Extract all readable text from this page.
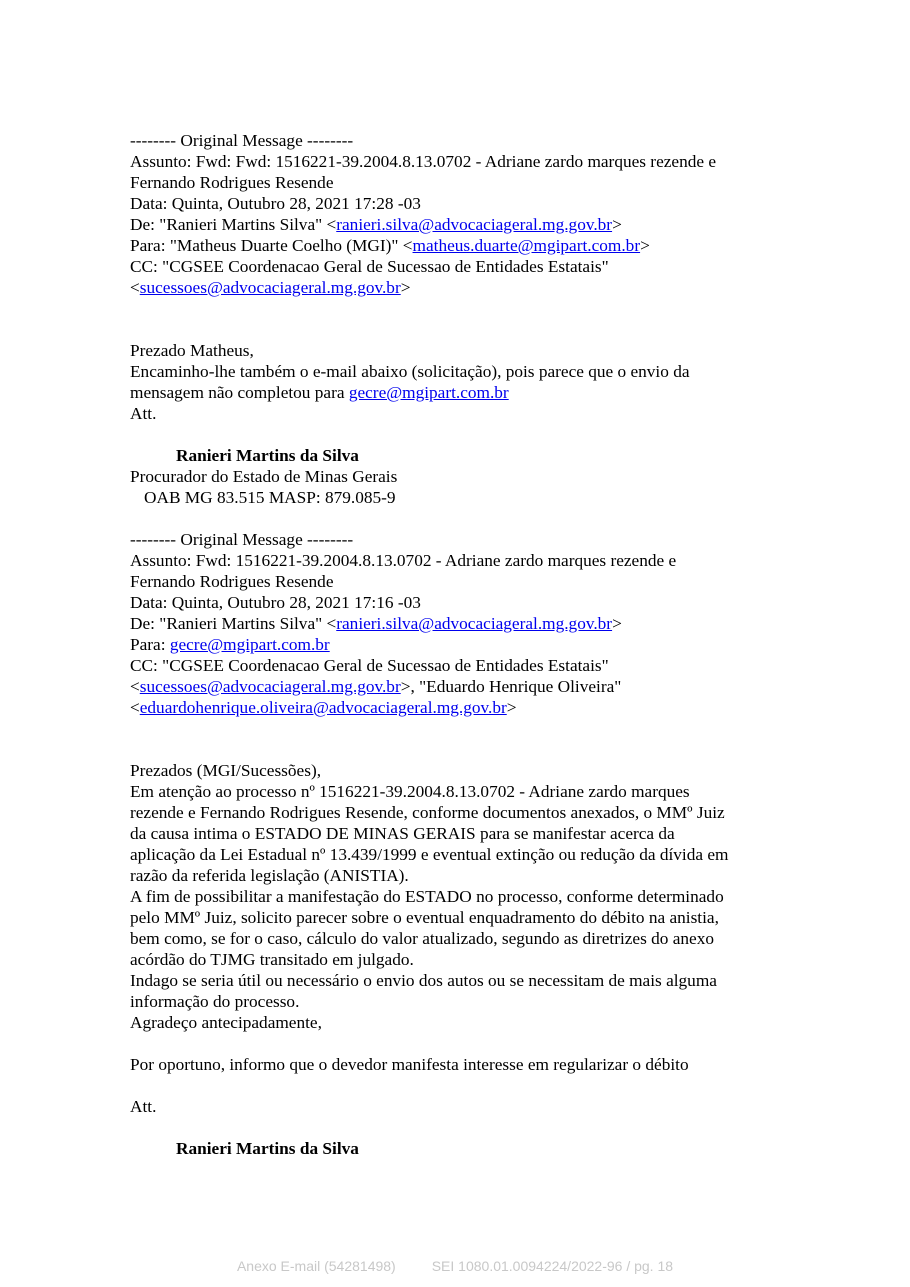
-------- Original Message --------
Assunto: Fwd: Fwd: 1516221-39.2004.8.13.0702 - Adriane zardo marques rezende e
Fernando Rodrigues Resende
Data: Quinta, Outubro 28, 2021 17:28 -03
De: "Ranieri Martins Silva" <ranieri.silva@advocaciageral.mg.gov.br>
Para: "Matheus Duarte Coelho (MGI)" <matheus.duarte@mgipart.com.br>
CC: "CGSEE Coordenacao Geral de Sucessao de Entidades Estatais"
<sucessoes@advocaciageral.mg.gov.br>
Prezado Matheus,
Encaminho-lhe também o e-mail abaixo (solicitação), pois parece que o envio da
mensagem não completou para gecre@mgipart.com.br
Att.
Ranieri Martins da Silva
Procurador do Estado de Minas Gerais
OAB MG 83.515 MASP: 879.085-9
-------- Original Message --------
Assunto: Fwd: 1516221-39.2004.8.13.0702 - Adriane zardo marques rezende e
Fernando Rodrigues Resende
Data: Quinta, Outubro 28, 2021 17:16 -03
De: "Ranieri Martins Silva" <ranieri.silva@advocaciageral.mg.gov.br>
Para: gecre@mgipart.com.br
CC: "CGSEE Coordenacao Geral de Sucessao de Entidades Estatais"
<sucessoes@advocaciageral.mg.gov.br>, "Eduardo Henrique Oliveira"
<eduardohenrique.oliveira@advocaciageral.mg.gov.br>
Prezados (MGI/Sucessões),
Em atenção ao processo nº 1516221-39.2004.8.13.0702 - Adriane zardo marques
rezende e Fernando Rodrigues Resende, conforme documentos anexados, o MMº Juiz
da causa intima o ESTADO DE MINAS GERAIS para se manifestar acerca da
aplicação da Lei Estadual nº 13.439/1999 e eventual extinção ou redução da dívida em
razão da referida legislação (ANISTIA).
A fim de possibilitar a manifestação do ESTADO no processo, conforme determinado
pelo MMº Juiz, solicito parecer sobre o eventual enquadramento do débito na anistia,
bem como, se for o caso, cálculo do valor atualizado, segundo as diretrizes do anexo
acórdão do TJMG transitado em julgado.
Indago se seria útil ou necessário o envio dos autos ou se necessitam de mais alguma
informação do processo.
Agradeço antecipadamente,
Por oportuno, informo que o devedor manifesta interesse em regularizar o débito
Att.
Ranieri Martins da Silva
Anexo E-mail (54281498)	SEI 1080.01.0094224/2022-96 / pg. 18
